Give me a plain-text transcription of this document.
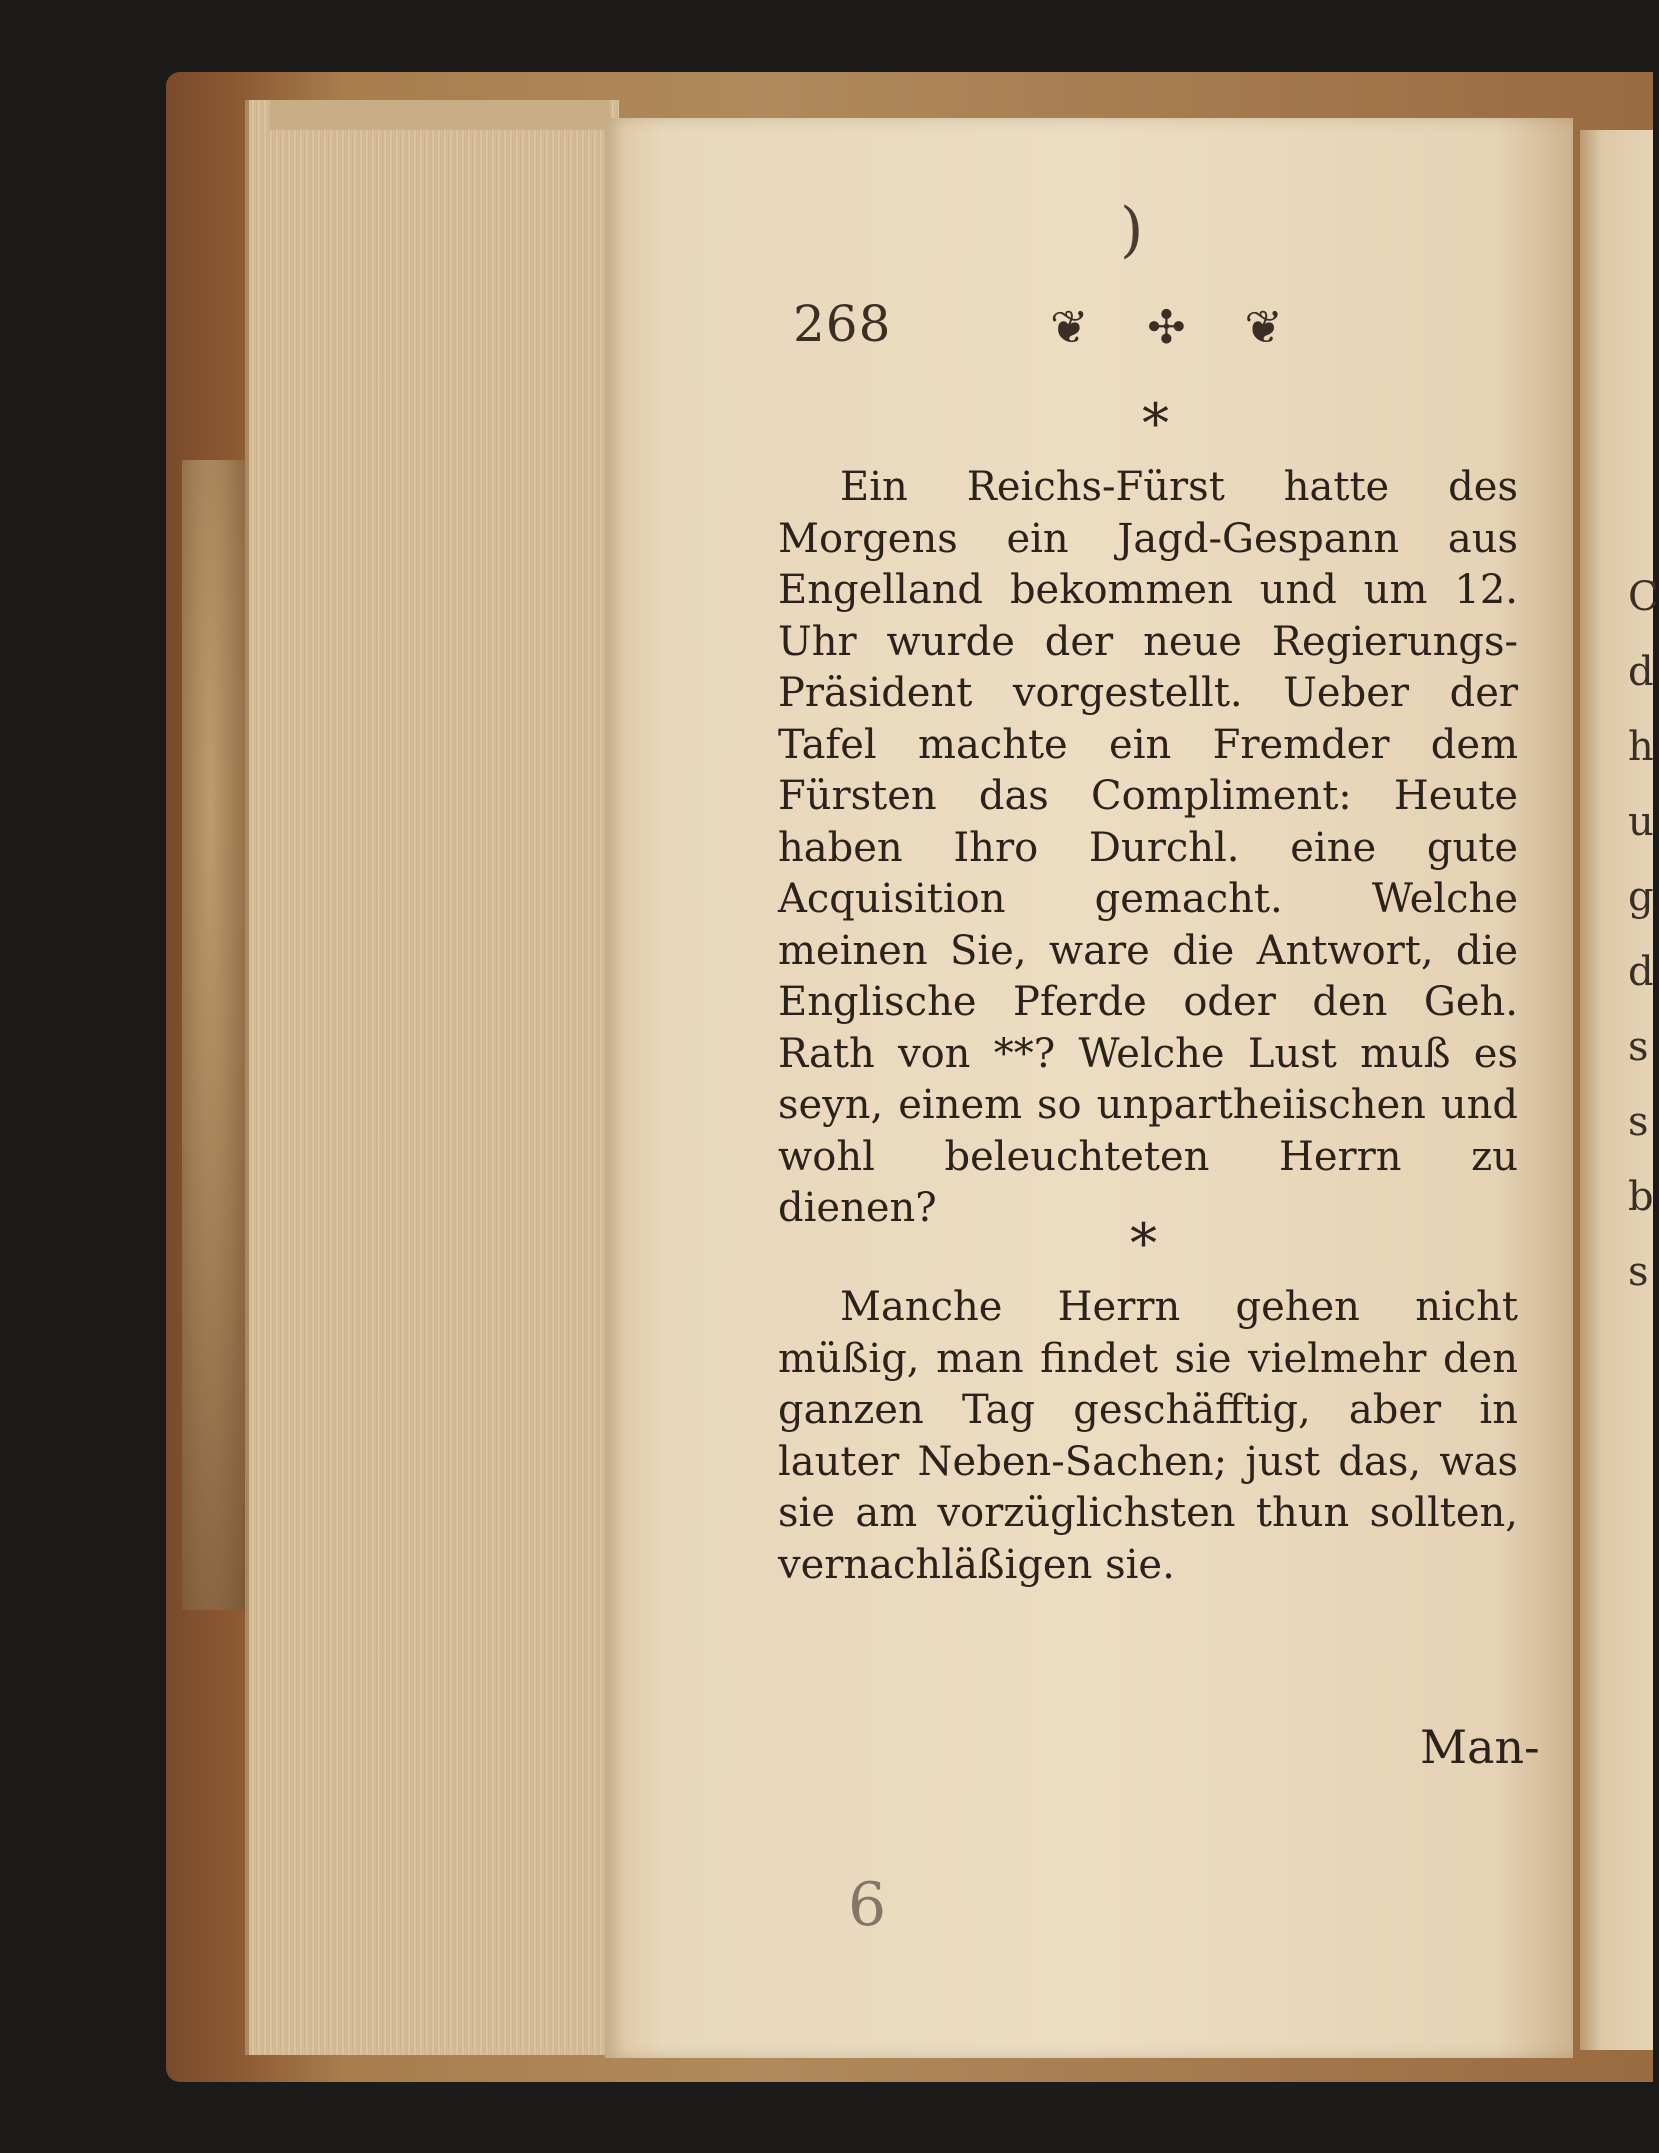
C d h u g d s s b s
)
268	❦ ✣ ❦
*

Ein Reichs-Fürst hatte des Morgens ein Jagd-Gespann aus Engelland bekommen und um 12. Uhr wurde der neue Regierungs-Präsident vorgestellt. Ueber der Tafel machte ein Fremder dem Fürsten das Compliment: Heute haben Ihro Durchl. eine gute Acquisition gemacht. Welche meinen Sie, ware die Antwort, die Englische Pferde oder den Geh. Rath von **? Welche Lust muß es seyn, einem so unpartheiischen und wohl beleuchteten Herrn zu dienen?

*

Manche Herrn gehen nicht müßig, man findet sie vielmehr den ganzen Tag geschäfftig, aber in lauter Neben-Sachen; just das, was sie am vorzüglichsten thun sollten, vernachläßigen sie.

Man-
6
